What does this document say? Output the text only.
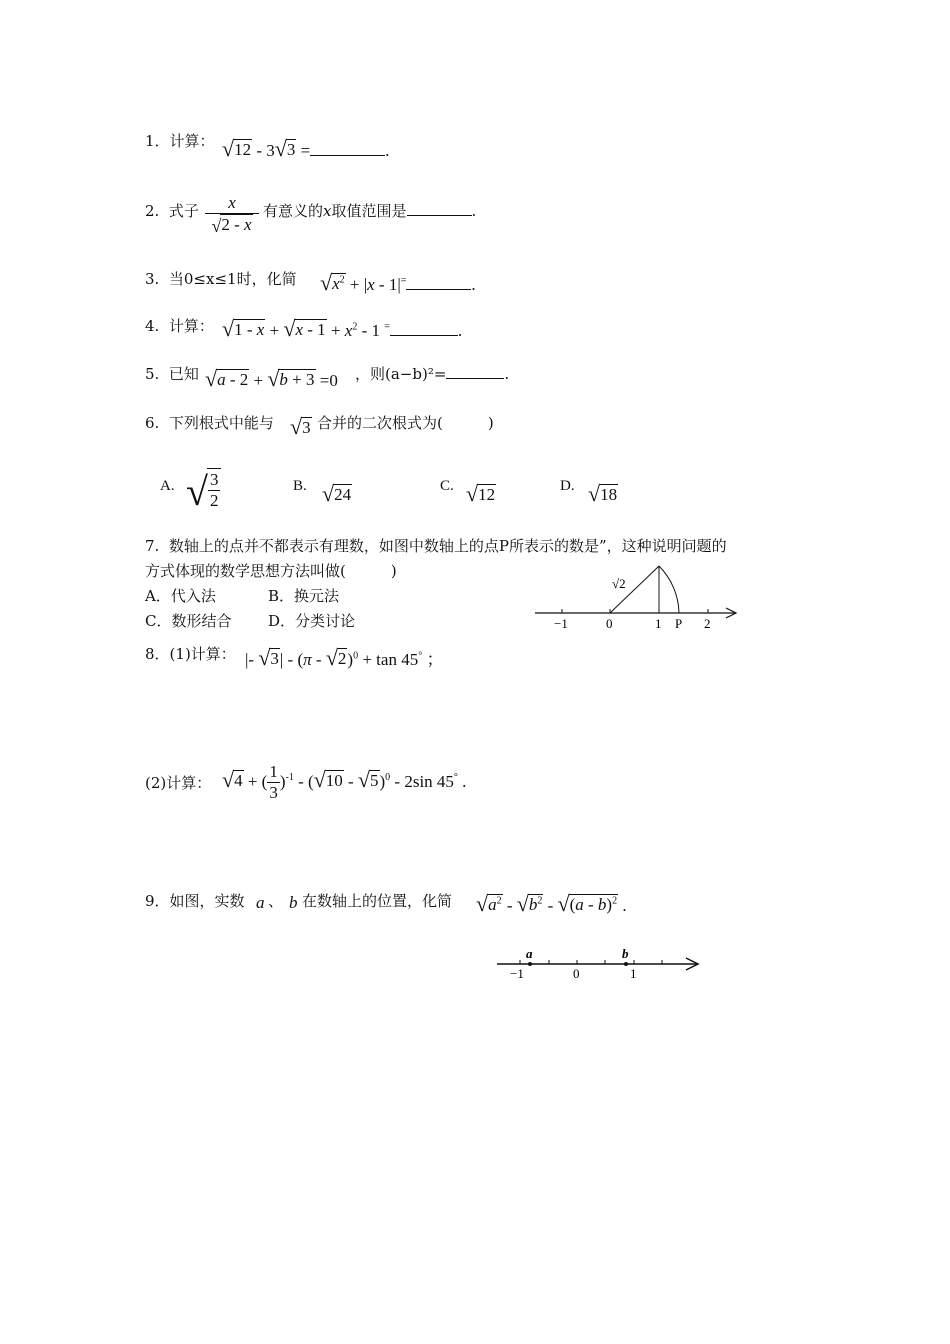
1．计算： √ 12 - 3 √ 3 =	.
2. 式子 $\frac{x}{√ 2 - x}$ 有意义的x取值范围是	.
3. 当0≤x≤1时，化简 √ $x^2 + |x - 1|^=$	.
4. 计算： √ 1 - x + √ $x - 1 + x^2 - 1$ =	.
5. 已知 √ a - 2 + √ b + 3 =0 ，则(a−b)²=	.
6. 下列根式中能与 √ 3 合并的二次根式为(　　　)
A. √ $\frac{3}{2}$	B. √ 24	C. √ 12	D. √ 18
7. 数轴上的点并不都表示有理数，如图中数轴上的点P所表示的数是”，这种说明问题的
方式体现的数学思想方法叫做(　　　)
A．代入法	B．换元法
C．数形结合 D．分类讨论
√2
−1	0	1 P 2
8．(1)计算： |- √ 3 | - (π - √ 2 )$^0$ + tan 45° ；
(2)计算： √ 4 + ( $\frac{1}{3} )^{-1}$ - ( √ 10 - √ 5 )$^0$ - 2sin 45° .
9．如图，实数 a 、 b 在数轴上的位置，化简 √ $a^2$ - √ $b^2$ - √ (a - b)$^2$ .
a	b
−1	0	1
